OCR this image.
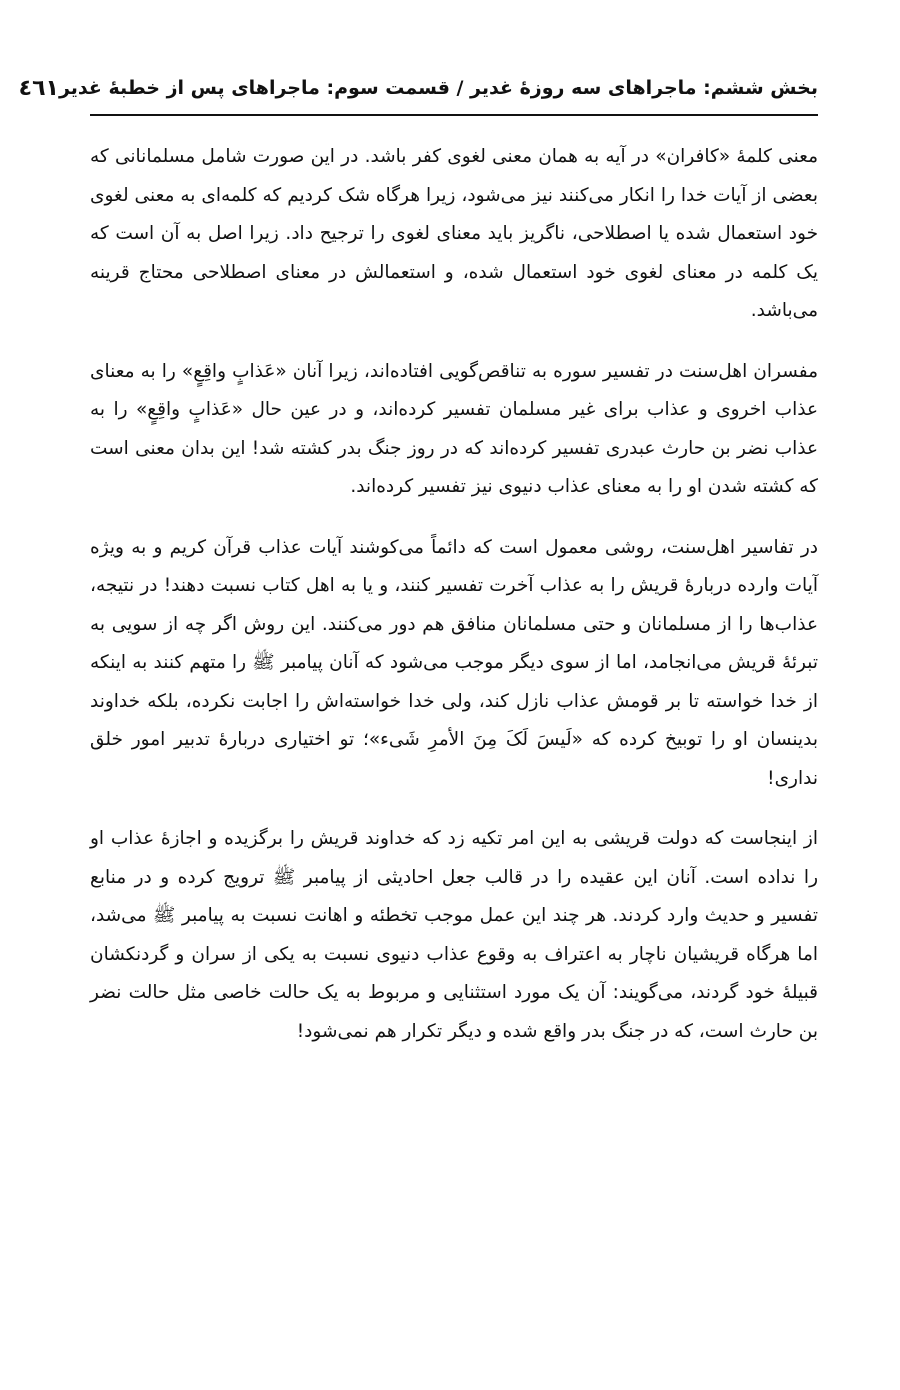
بخش ششم: ماجراهای سه روزهٔ غدیر / قسمت سوم: ماجراهای پس از خطبهٔ غدیر
٤٦١

معنی کلمهٔ «کافران» در آیه به همان معنی لغوی کفر باشد. در این صورت شامل مسلمانانی که بعضی از آیات خدا را انکار می‌کنند نیز می‌شود، زیرا هرگاه شک کردیم که کلمه‌ای به معنی لغوی خود استعمال شده یا اصطلاحی، ناگریز باید معنای لغوی را ترجیح داد. زیرا اصل به آن است که یک کلمه در معنای لغوی خود استعمال شده، و استعمالش در معنای اصطلاحی محتاج قرینه می‌باشد.

مفسران اهل‌سنت در تفسیر سوره به تناقص‌گویی افتاده‌اند، زیرا آنان «عَذابٍ واقِعٍ» را به معنای عذاب اخروی و عذاب برای غیر مسلمان تفسیر کرده‌اند، و در عین حال «عَذابٍ واقِعٍ» را به عذاب نضر بن حارث عبدری تفسیر کرده‌اند که در روز جنگ بدر کشته شد! این بدان معنی است که کشته شدن او را به معنای عذاب دنیوی نیز تفسیر کرده‌اند.

در تفاسیر اهل‌سنت، روشی معمول است که دائماً می‌کوشند آیات عذاب قرآن کریم و به ویژه آیات وارده دربارهٔ قریش را به عذاب آخرت تفسیر کنند، و یا به اهل کتاب نسبت دهند! در نتیجه، عذاب‌ها را از مسلمانان و حتی مسلمانان منافق هم دور می‌کنند. این روش اگر چه از سویی به تبرئهٔ قریش می‌انجامد، اما از سوی دیگر موجب می‌شود که آنان پیامبر ﷺ را متهم کنند به اینکه از خدا خواسته تا بر قومش عذاب نازل کند، ولی خدا خواسته‌اش را اجابت نکرده، بلکه خداوند بدینسان او را توبیخ کرده که «لَیسَ لَکَ مِنَ الأمرِ شَیء»؛ تو اختیاری دربارهٔ تدبیر امور خلق نداری!

از اینجاست که دولت قریشی به این امر تکیه زد که خداوند قریش را برگزیده و اجازهٔ عذاب او را نداده است. آنان این عقیده را در قالب جعل احادیثی از پیامبر ﷺ ترویج کرده و در منابع تفسیر و حدیث وارد کردند. هر چند این عمل موجب تخطئه و اهانت نسبت به پیامبر ﷺ می‌شد، اما هرگاه قریشیان ناچار به اعتراف به وقوع عذاب دنیوی نسبت به یکی از سران و گردنکشان قبیلهٔ خود گردند، می‌گویند: آن یک مورد استثنایی و مربوط به یک حالت خاصی مثل حالت نضر بن حارث است، که در جنگ بدر واقع شده و دیگر تکرار هم نمی‌شود!
